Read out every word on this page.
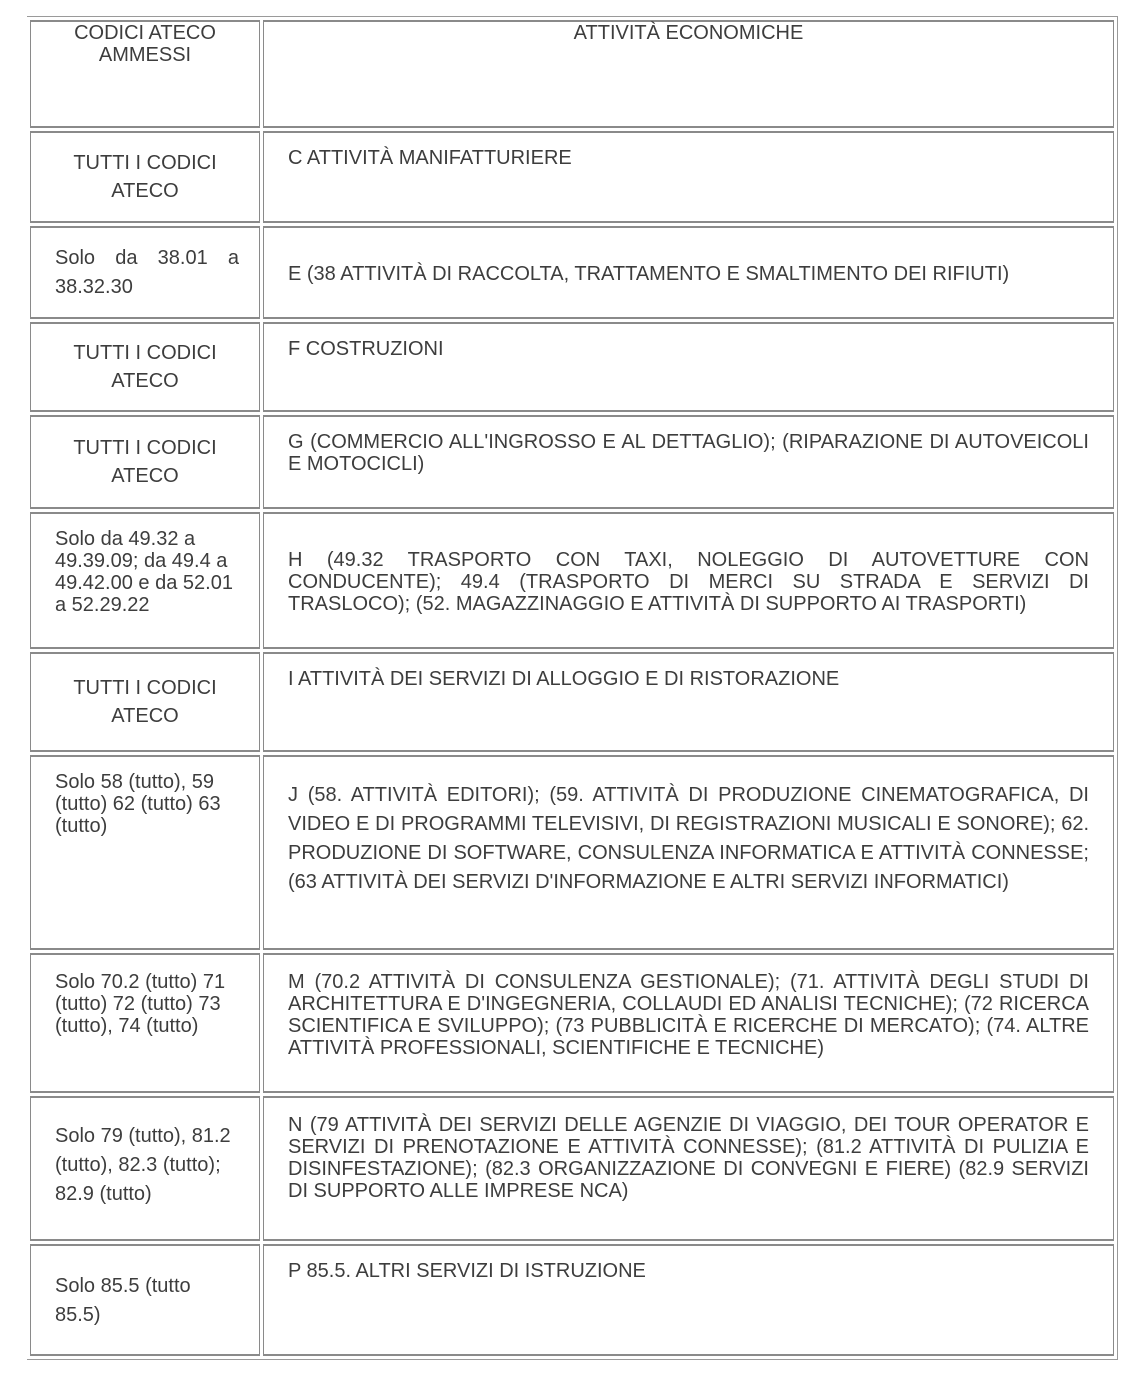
CODICI ATECO AMMESSI	ATTIVITÀ ECONOMICHE
TUTTI I CODICI ATECO	C ATTIVITÀ MANIFATTURIERE
Solo da 38.01 a 38.32.30	E (38 ATTIVITÀ DI RACCOLTA, TRATTAMENTO E SMALTIMENTO DEI RIFIUTI)
TUTTI I CODICI ATECO	F COSTRUZIONI
TUTTI I CODICI ATECO	G (COMMERCIO ALL'INGROSSO E AL DETTAGLIO); (RIPARAZIONE DI AUTOVEICOLI E MOTOCICLI)
Solo da 49.32 a 49.39.09; da 49.4 a 49.42.00 e da 52.01 a 52.29.22	H (49.32 TRASPORTO CON TAXI, NOLEGGIO DI AUTOVETTURE CON CONDUCENTE); 49.4 (TRASPORTO DI MERCI SU STRADA E SERVIZI DI TRASLOCO); (52. MAGAZZINAGGIO E ATTIVITÀ DI SUPPORTO AI TRASPORTI)
TUTTI I CODICI ATECO	I ATTIVITÀ DEI SERVIZI DI ALLOGGIO E DI RISTORAZIONE
Solo 58 (tutto), 59 (tutto) 62 (tutto) 63 (tutto)	J (58. ATTIVITÀ EDITORI); (59. ATTIVITÀ DI PRODUZIONE CINEMATOGRAFICA, DI VIDEO E DI PROGRAMMI TELEVISIVI, DI REGISTRAZIONI MUSICALI E SONORE); 62. PRODUZIONE DI SOFTWARE, CONSULENZA INFORMATICA E ATTIVITÀ CONNESSE; (63 ATTIVITÀ DEI SERVIZI D'INFORMAZIONE E ALTRI SERVIZI INFORMATICI)
Solo 70.2 (tutto) 71 (tutto) 72 (tutto) 73 (tutto), 74 (tutto)	M (70.2 ATTIVITÀ DI CONSULENZA GESTIONALE); (71. ATTIVITÀ DEGLI STUDI DI ARCHITETTURA E D'INGEGNERIA, COLLAUDI ED ANALISI TECNICHE); (72 RICERCA SCIENTIFICA E SVILUPPO); (73 PUBBLICITÀ E RICERCHE DI MERCATO); (74. ALTRE ATTIVITÀ PROFESSIONALI, SCIENTIFICHE E TECNICHE)
Solo 79 (tutto), 81.2 (tutto), 82.3 (tutto); 82.9 (tutto)	N (79 ATTIVITÀ DEI SERVIZI DELLE AGENZIE DI VIAGGIO, DEI TOUR OPERATOR E SERVIZI DI PRENOTAZIONE E ATTIVITÀ CONNESSE); (81.2 ATTIVITÀ DI PULIZIA E DISINFESTAZIONE); (82.3 ORGANIZZAZIONE DI CONVEGNI E FIERE) (82.9 SERVIZI DI SUPPORTO ALLE IMPRESE NCA)
Solo 85.5 (tutto 85.5)	P 85.5. ALTRI SERVIZI DI ISTRUZIONE
